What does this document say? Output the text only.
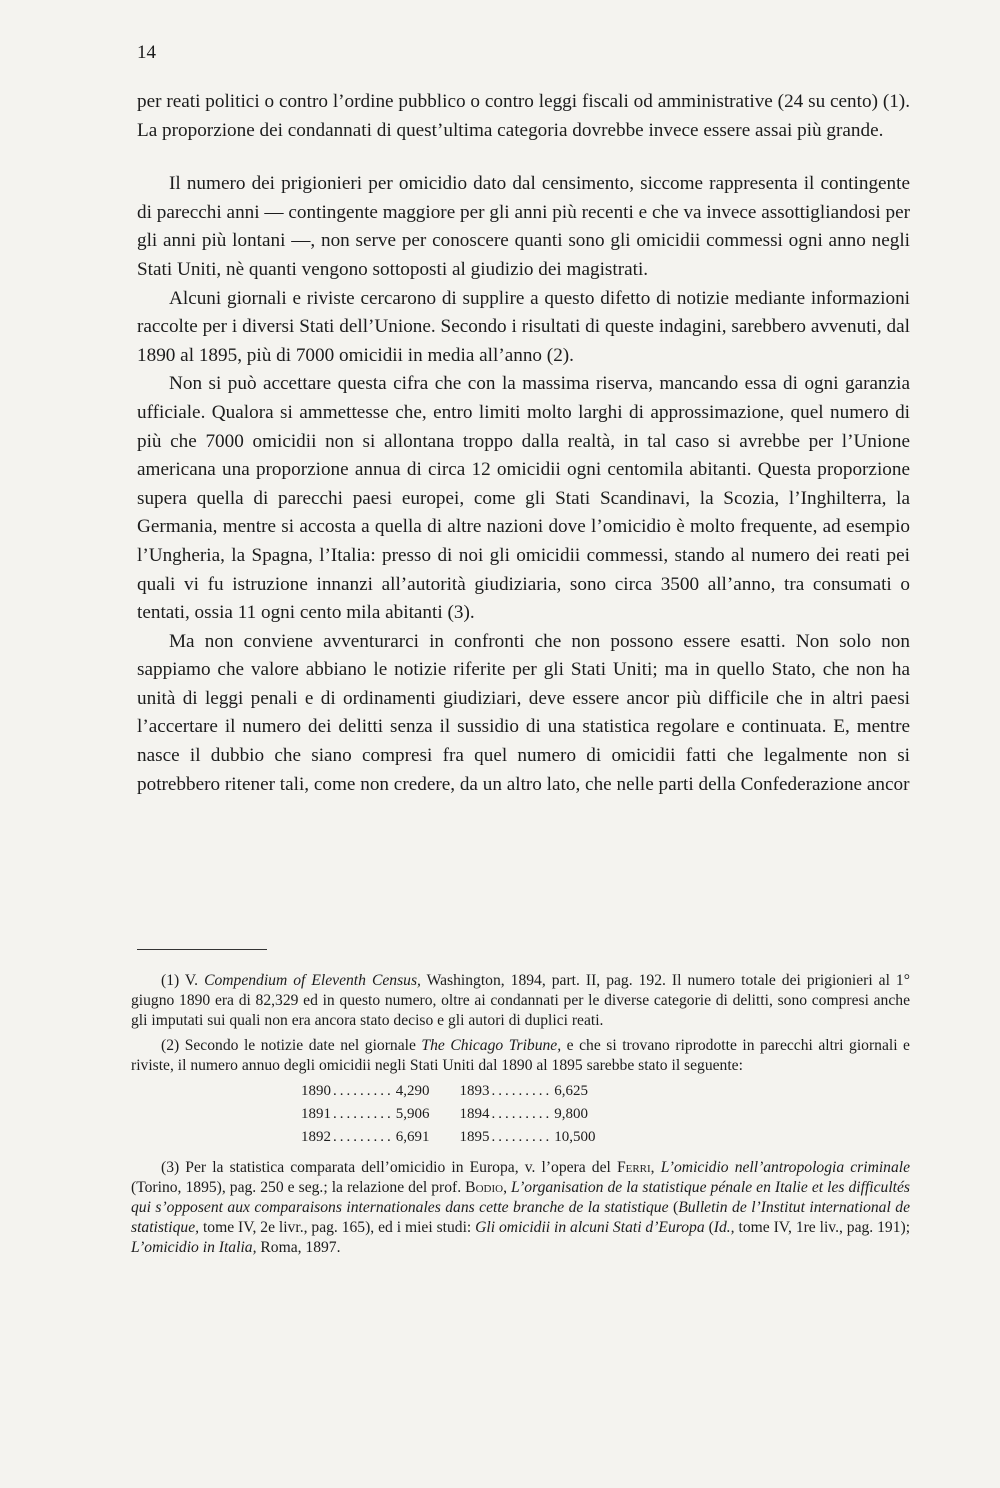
14

per reati politici o contro l’ordine pubblico o contro leggi fiscali od amministrative (24 su cento) (1). La proporzione dei condannati di quest’ultima categoria dovrebbe invece essere assai più grande.

Il numero dei prigionieri per omicidio dato dal censimento, siccome rappresenta il contingente di parecchi anni — contingente maggiore per gli anni più recenti e che va invece assottigliandosi per gli anni più lontani —, non serve per conoscere quanti sono gli omicidii commessi ogni anno negli Stati Uniti, nè quanti vengono sottoposti al giudizio dei magistrati.

Alcuni giornali e riviste cercarono di supplire a questo difetto di notizie mediante informazioni raccolte per i diversi Stati dell’Unione. Secondo i risultati di queste indagini, sarebbero avvenuti, dal 1890 al 1895, più di 7000 omicidii in media all’anno (2).

Non si può accettare questa cifra che con la massima riserva, mancando essa di ogni garanzia ufficiale. Qualora si ammettesse che, entro limiti molto larghi di approssimazione, quel numero di più che 7000 omicidii non si allontana troppo dalla realtà, in tal caso si avrebbe per l’Unione americana una proporzione annua di circa 12 omicidii ogni centomila abitanti. Questa proporzione supera quella di parecchi paesi europei, come gli Stati Scandinavi, la Scozia, l’Inghilterra, la Germania, mentre si accosta a quella di altre nazioni dove l’omicidio è molto frequente, ad esempio l’Ungheria, la Spagna, l’Italia: presso di noi gli omicidii commessi, stando al numero dei reati pei quali vi fu istruzione innanzi all’autorità giudiziaria, sono circa 3500 all’anno, tra consumati o tentati, ossia 11 ogni cento mila abitanti (3).

Ma non conviene avventurarci in confronti che non possono essere esatti. Non solo non sappiamo che valore abbiano le notizie riferite per gli Stati Uniti; ma in quello Stato, che non ha unità di leggi penali e di ordinamenti giudiziari, deve essere ancor più difficile che in altri paesi l’accertare il numero dei delitti senza il sussidio di una statistica regolare e continuata. E, mentre nasce il dubbio che siano compresi fra quel numero di omicidii fatti che legalmente non si potrebbero ritener tali, come non credere, da un altro lato, che nelle parti della Confederazione ancor

(1) V. Compendium of Eleventh Census, Washington, 1894, part. II, pag. 192. Il numero totale dei prigionieri al 1° giugno 1890 era di 82,329 ed in questo numero, oltre ai condannati per le diverse categorie di delitti, sono compresi anche gli imputati sui quali non era ancora stato deciso e gli autori di duplici reati.

(2) Secondo le notizie date nel giornale The Chicago Tribune, e che si trovano riprodotte in parecchi altri giornali e riviste, il numero annuo degli omicidii negli Stati Uniti dal 1890 al 1895 sarebbe stato il seguente:

1890	.........	4,290	1893	.........	6,625
1891	.........	5,906	1894	.........	9,800
1892	.........	6,691	1895	.........	10,500

(3) Per la statistica comparata dell’omicidio in Europa, v. l’opera del Ferri, L’omicidio nell’antropologia criminale (Torino, 1895), pag. 250 e seg.; la relazione del prof. Bodio, L’organisation de la statistique pénale en Italie et les difficultés qui s’opposent aux comparaisons internationales dans cette branche de la statistique (Bulletin de l’Institut international de statistique, tome IV, 2e livr., pag. 165), ed i miei studi: Gli omicidii in alcuni Stati d’Europa (Id., tome IV, 1re liv., pag. 191); L’omicidio in Italia, Roma, 1897.
